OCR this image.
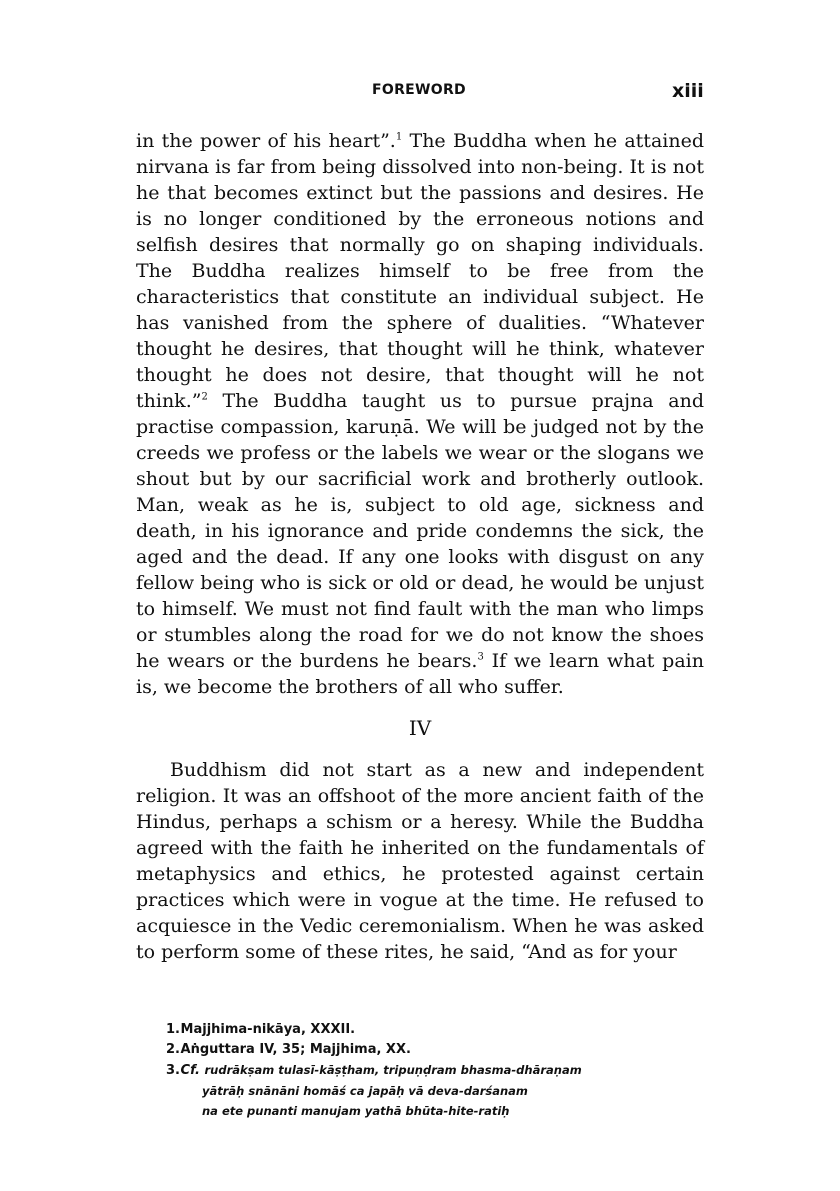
FOREWORD	xiii
in the power of his heart”.$^1$ The Buddha when he attained nirvana is far from being dissolved into non-being. It is not he that becomes extinct but the passions and desires. He is no longer conditioned by the erroneous notions and selfish desires that normally go on shaping individuals. The Buddha realizes himself to be free from the characteristics that constitute an individual subject. He has vanished from the sphere of dualities. “Whatever thought he desires, that thought will he think, whatever thought he does not desire, that thought will he not think.”$^2$ The Buddha taught us to pursue prajna and practise compassion, karuṇā. We will be judged not by the creeds we profess or the labels we wear or the slogans we shout but by our sacrificial work and brotherly outlook. Man, weak as he is, subject to old age, sickness and death, in his ignorance and pride condemns the sick, the aged and the dead. If any one looks with disgust on any fellow being who is sick or old or dead, he would be unjust to himself. We must not find fault with the man who limps or stumbles along the road for we do not know the shoes he wears or the burdens he bears.$^3$ If we learn what pain is, we become the brothers of all who suffer.
IV
Buddhism did not start as a new and independent religion. It was an offshoot of the more ancient faith of the Hindus, perhaps a schism or a heresy. While the Buddha agreed with the faith he inherited on the fundamentals of metaphysics and ethics, he protested against certain practices which were in vogue at the time. He refused to acquiesce in the Vedic ceremonialism. When he was asked to perform some of these rites, he said, “And as for your
1. Majjhima-nikāya, XXXII.
2. Aṅguttara IV, 35; Majjhima, XX.
3. Cf. rudrākṣam tulasī-kāṣṭham, tripuṇḍram bhasma-dhāraṇam
yātrāḥ snānāni homāś ca japāḥ vā deva-darśanam
na ete punanti manujam yathā bhūta-hite-ratiḥ
